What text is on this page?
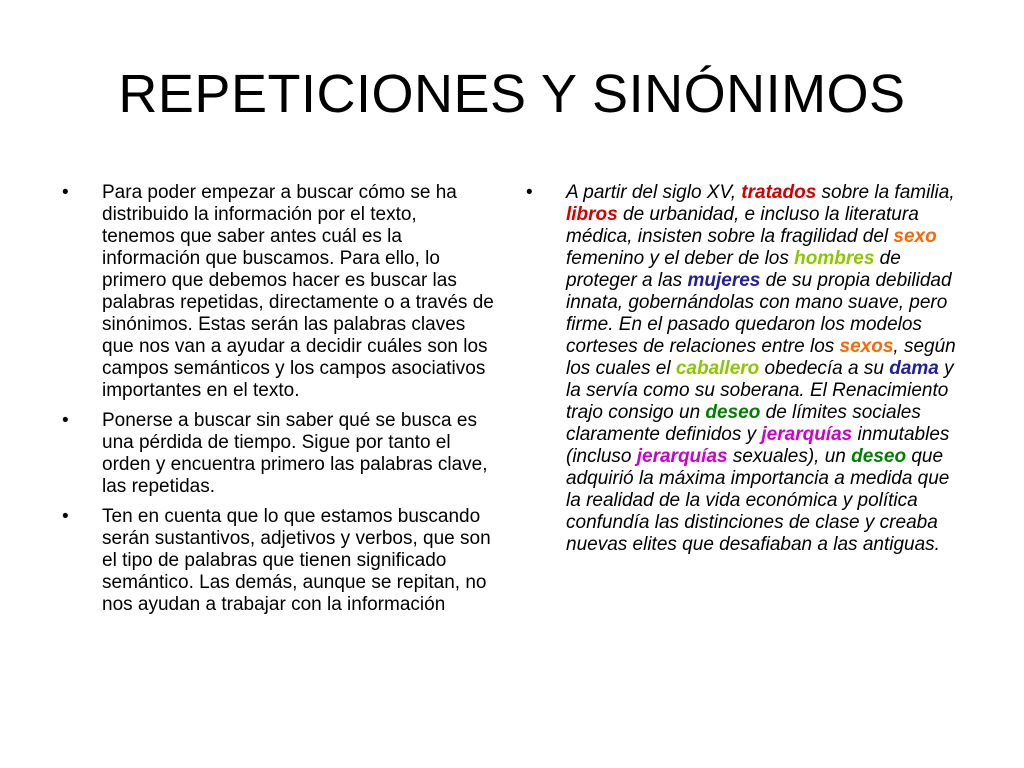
REPETICIONES Y SINÓNIMOS
•	Para poder empezar a buscar cómo se ha distribuido la información por el texto, tenemos que saber antes cuál es la información que buscamos. Para ello, lo primero que debemos hacer es buscar las palabras repetidas, directamente o a través de sinónimos. Estas serán las palabras claves que nos van a ayudar a decidir cuáles son los campos semánticos y los campos asociativos importantes en el texto.
•	Ponerse a buscar sin saber qué se busca es una pérdida de tiempo. Sigue por tanto el orden y encuentra primero las palabras clave, las repetidas.
•	Ten en cuenta que lo que estamos buscando serán sustantivos, adjetivos y verbos, que son el tipo de palabras que tienen significado semántico. Las demás, aunque se repitan, no nos ayudan a trabajar con la información
•	A partir del siglo XV, tratados sobre la familia, libros de urbanidad, e incluso la literatura médica, insisten sobre la fragilidad del sexo femenino y el deber de los hombres de proteger a las mujeres de su propia debilidad innata, gobernándolas con mano suave, pero firme. En el pasado quedaron los modelos corteses de relaciones entre los sexos, según los cuales el caballero obedecía a su dama y la servía como su soberana. El Renacimiento trajo consigo un deseo de límites sociales claramente definidos y jerarquías inmutables (incluso jerarquías sexuales), un deseo que adquirió la máxima importancia a medida que la realidad de la vida económica y política confundía las distinciones de clase y creaba nuevas elites que desafiaban a las antiguas.
